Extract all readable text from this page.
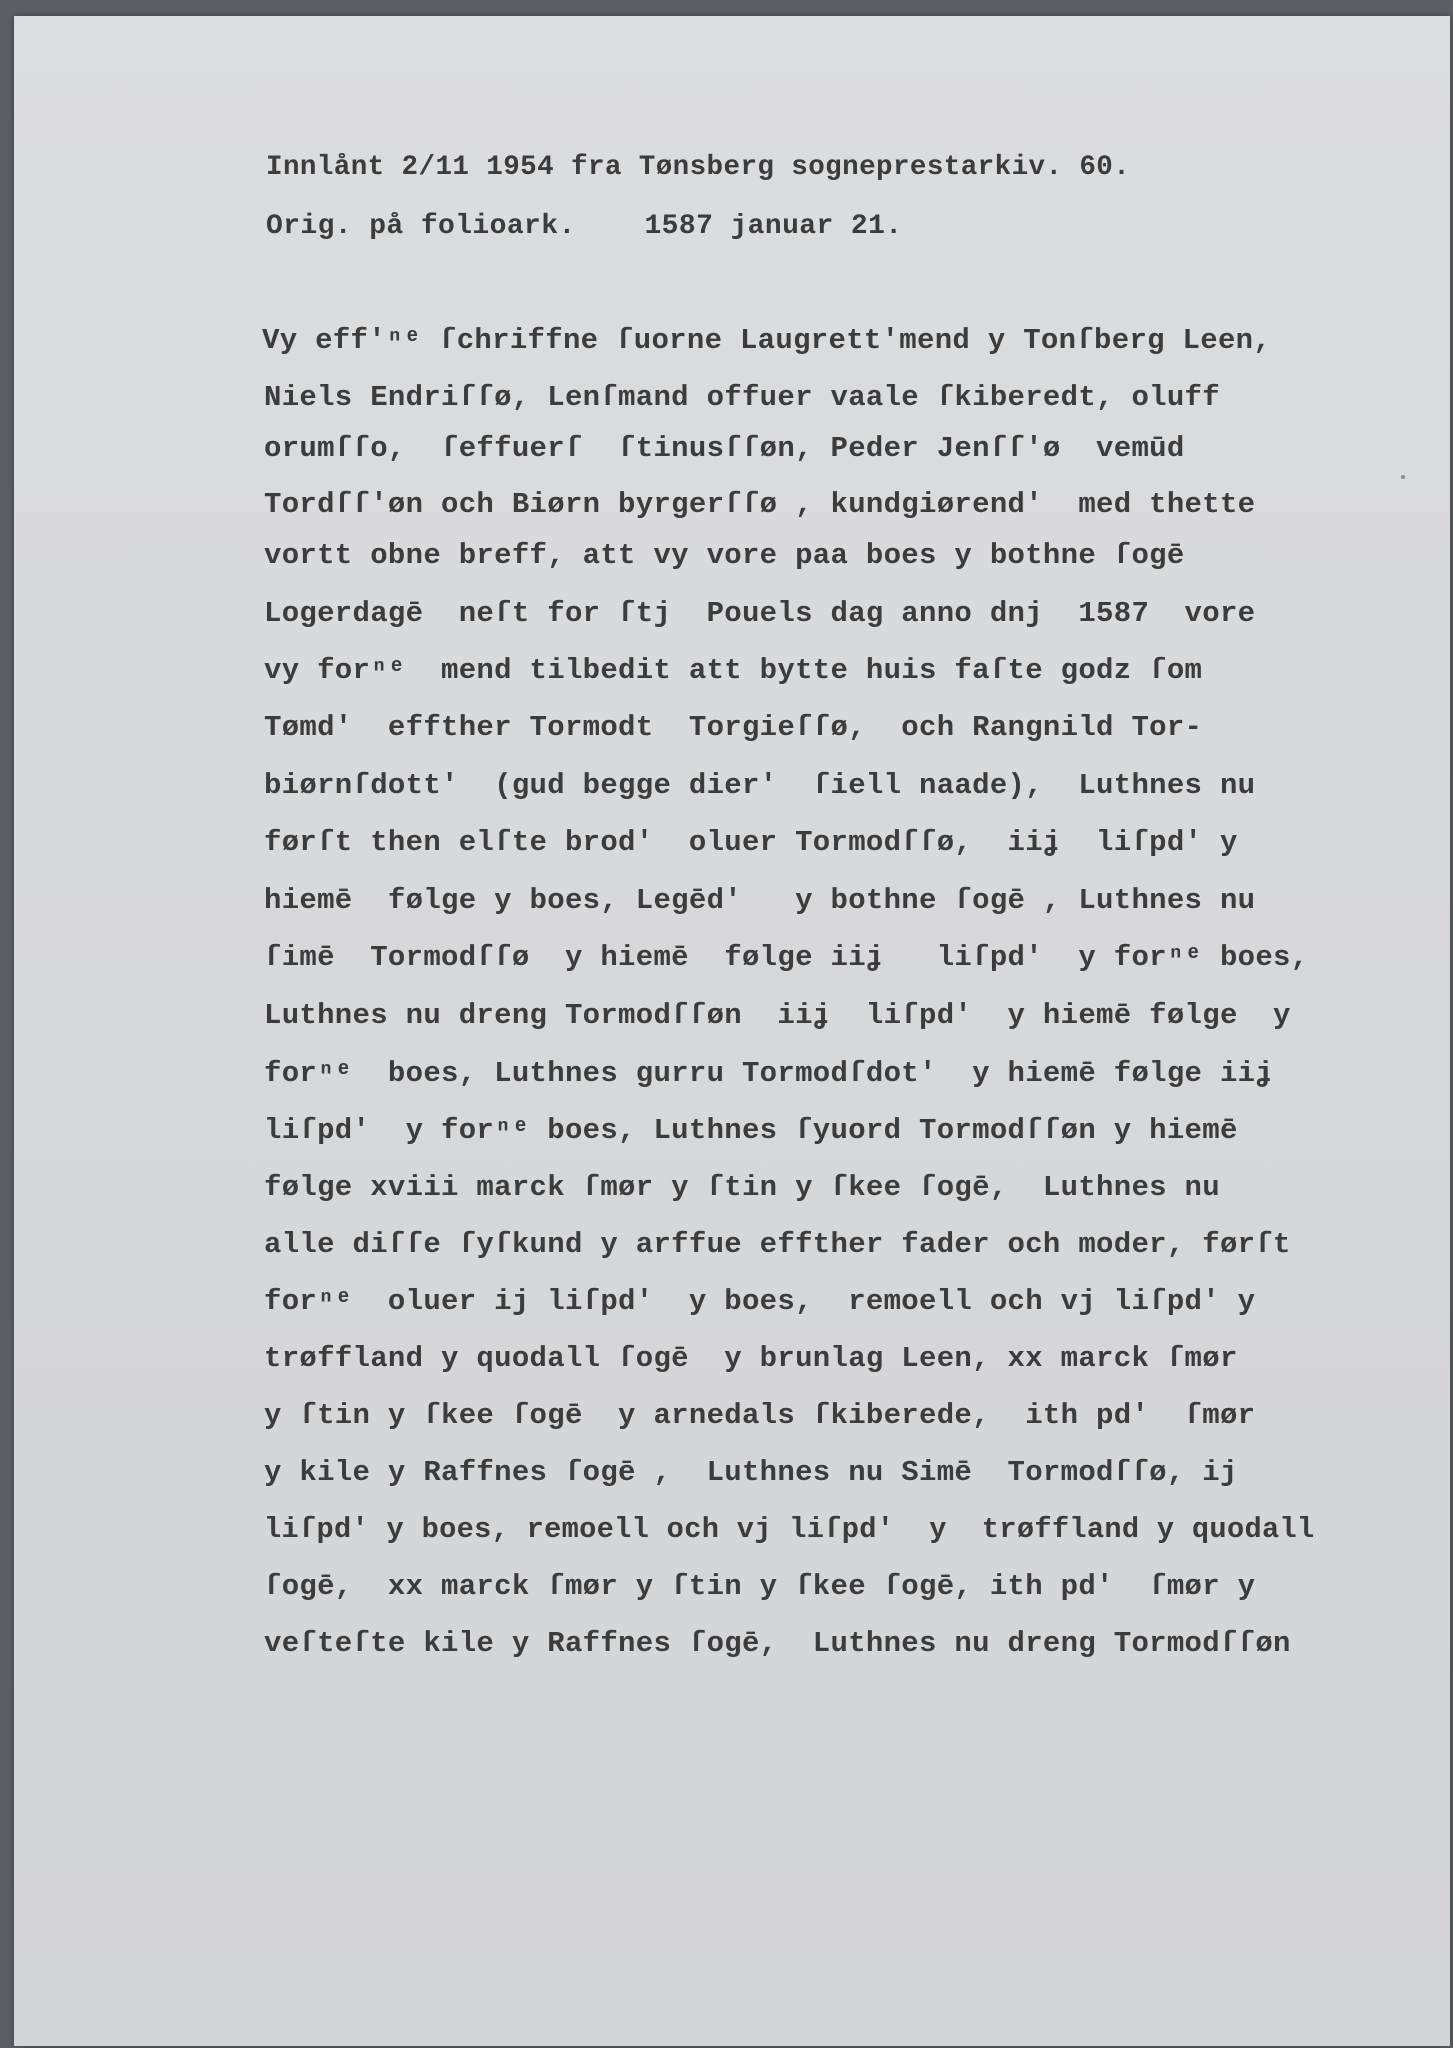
Innlånt 2/11 1954 fra Tønsberg sogneprestarkiv. 60.
Orig. på folioark.    1587 januar 21.
Vy eff'ⁿᵉ ſchriffne ſuorne Laugrett'mend y Tonſberg Leen,
Niels Endriſſø, Lenſmand offuer vaale ſkiberedt, oluff
orumſſo,  ſeffuerſ  ſtinusſſøn, Peder Jenſſ'ø  vemūd
Tordſſ'øn och Biørn byrgerſſø , kundgiørend'  med thette
vortt obne breff, att vy vore paa boes y bothne ſogē
Logerdagē  neſt for ſtj  Pouels dag anno dnj  1587  vore
vy forⁿᵉ  mend tilbedit att bytte huis faſte godz ſom
Tømd'  effther Tormodt  Torgieſſø,  och Rangnild Tor-
biørnſdott'  (gud begge dier'  ſiell naade),  Luthnes nu
førſt then elſte brod'  oluer Tormodſſø,  iiʝ  liſpd' y
hiemē  følge y boes, Legēd'   y bothne ſogē , Luthnes nu
ſimē  Tormodſſø  y hiemē  følge iiʝ   liſpd'  y forⁿᵉ boes,
Luthnes nu dreng Tormodſſøn  iiʝ  liſpd'  y hiemē følge  y
forⁿᵉ  boes, Luthnes gurru Tormodſdot'  y hiemē følge iiʝ
liſpd'  y forⁿᵉ boes, Luthnes ſyuord Tormodſſøn y hiemē
følge xviii marck ſmør y ſtin y ſkee ſogē,  Luthnes nu
alle diſſe ſyſkund y arffue effther fader och moder, førſt
forⁿᵉ  oluer ij liſpd'  y boes,  remoell och vj liſpd' y
trøffland y quodall ſogē  y brunlag Leen, xx marck ſmør
y ſtin y ſkee ſogē  y arnedals ſkiberede,  ith pd'  ſmør
y kile y Raffnes ſogē ,  Luthnes nu Simē  Tormodſſø, ij
liſpd' y boes, remoell och vj liſpd'  y  trøffland y quodall
ſogē,  xx marck ſmør y ſtin y ſkee ſogē, ith pd'  ſmør y
veſteſte kile y Raffnes ſogē,  Luthnes nu dreng Tormodſſøn
